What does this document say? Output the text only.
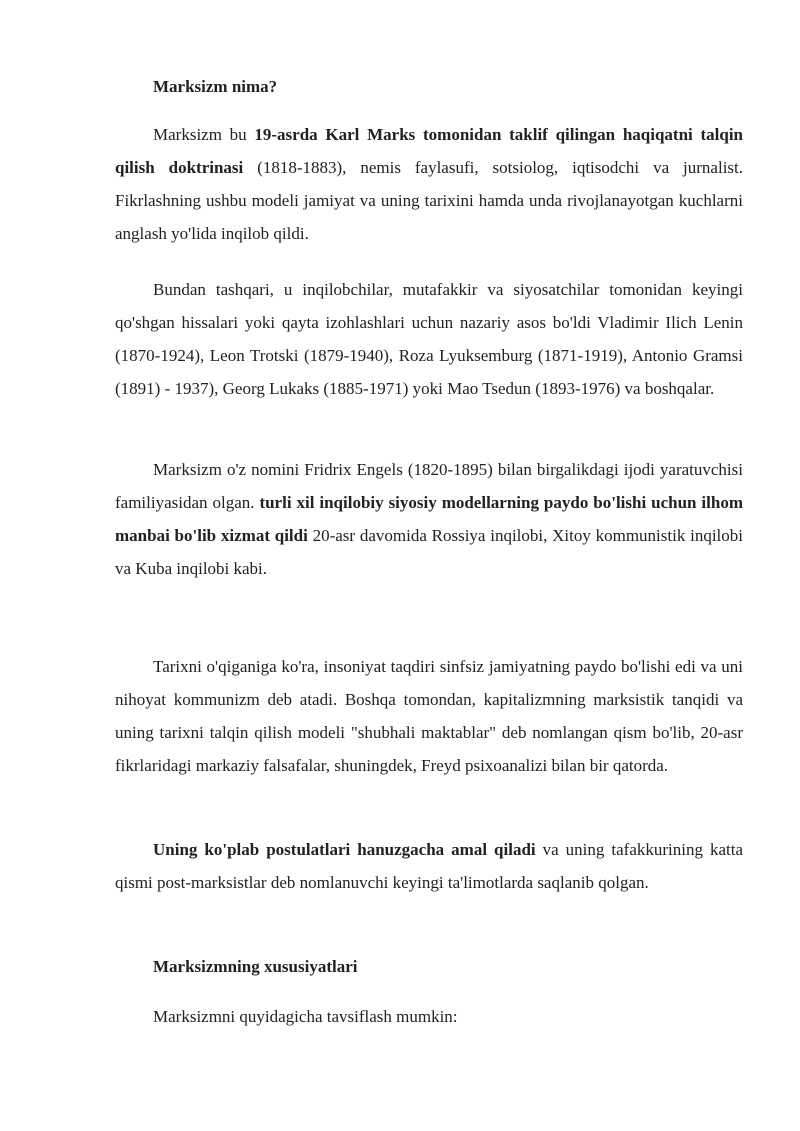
Marksizm nima?

Marksizm bu 19-asrda Karl Marks tomonidan taklif qilingan haqiqatni talqin qilish doktrinasi (1818-1883), nemis faylasufi, sotsiolog, iqtisodchi va jurnalist. Fikrlashning ushbu modeli jamiyat va uning tarixini hamda unda rivojlanayotgan kuchlarni anglash yo'lida inqilob qildi.

Bundan tashqari, u inqilobchilar, mutafakkir va siyosatchilar tomonidan keyingi qo'shgan hissalari yoki qayta izohlashlari uchun nazariy asos bo'ldi Vladimir Ilich Lenin (1870-1924), Leon Trotski (1879-1940), Roza Lyuksemburg (1871-1919), Antonio Gramsi (1891) - 1937), Georg Lukaks (1885-1971) yoki Mao Tsedun (1893-1976) va boshqalar.

Marksizm o'z nomini Fridrix Engels (1820-1895) bilan birgalikdagi ijodi yaratuvchisi familiyasidan olgan. turli xil inqilobiy siyosiy modellarning paydo bo'lishi uchun ilhom manbai bo'lib xizmat qildi 20-asr davomida Rossiya inqilobi, Xitoy kommunistik inqilobi va Kuba inqilobi kabi.

Tarixni o'qiganiga ko'ra, insoniyat taqdiri sinfsiz jamiyatning paydo bo'lishi edi va uni nihoyat kommunizm deb atadi. Boshqa tomondan, kapitalizmning marksistik tanqidi va uning tarixni talqin qilish modeli "shubhali maktablar" deb nomlangan qism bo'lib, 20-asr fikrlaridagi markaziy falsafalar, shuningdek, Freyd psixoanalizi bilan bir qatorda.

Uning ko'plab postulatlari hanuzgacha amal qiladi va uning tafakkurining katta qismi post-marksistlar deb nomlanuvchi keyingi ta'limotlarda saqlanib qolgan.

Marksizmning xususiyatlari

Marksizmni quyidagicha tavsiflash mumkin:
